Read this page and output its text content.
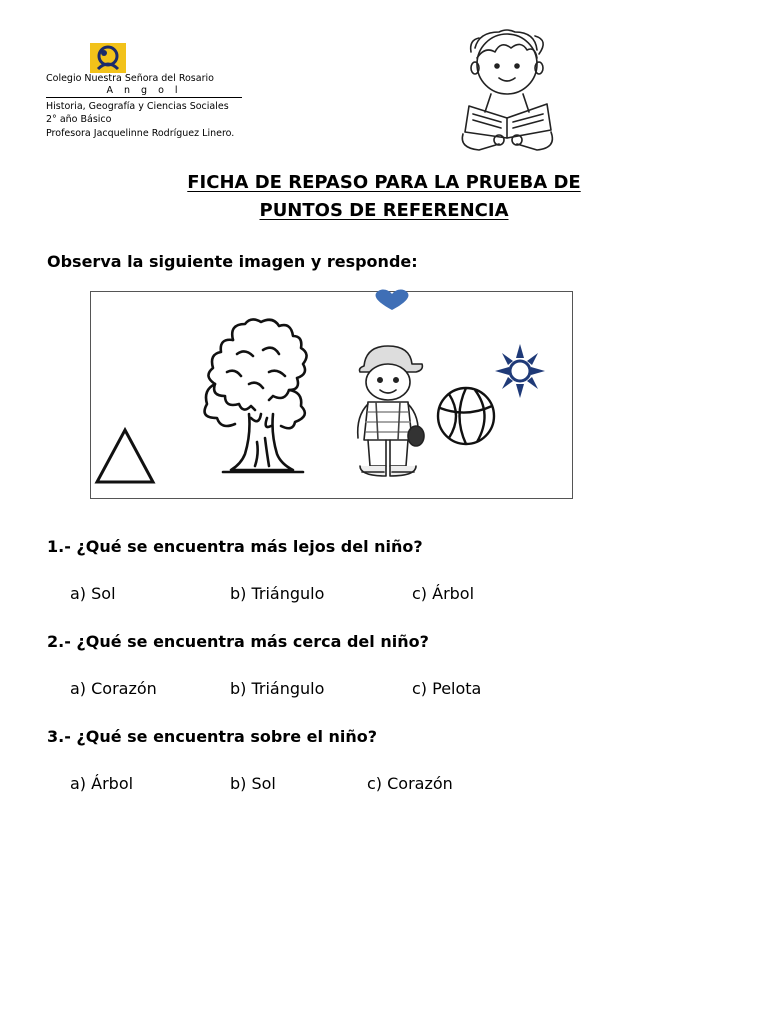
Colegio Nuestra Señora del Rosario
A n g o l
Historia, Geografía y Ciencias Sociales
2° año Básico
Profesora Jacquelinne Rodríguez Linero.
FICHA DE REPASO PARA LA PRUEBA DE
PUNTOS DE REFERENCIA
Observa la siguiente imagen y responde:
1.- ¿Qué se encuentra más lejos del niño?
a) Sol	b) Triángulo	c) Árbol
2.- ¿Qué se encuentra más cerca del niño?
a) Corazón	b) Triángulo	c) Pelota
3.- ¿Qué se encuentra sobre el niño?
a) Árbol	b) Sol	c) Corazón
